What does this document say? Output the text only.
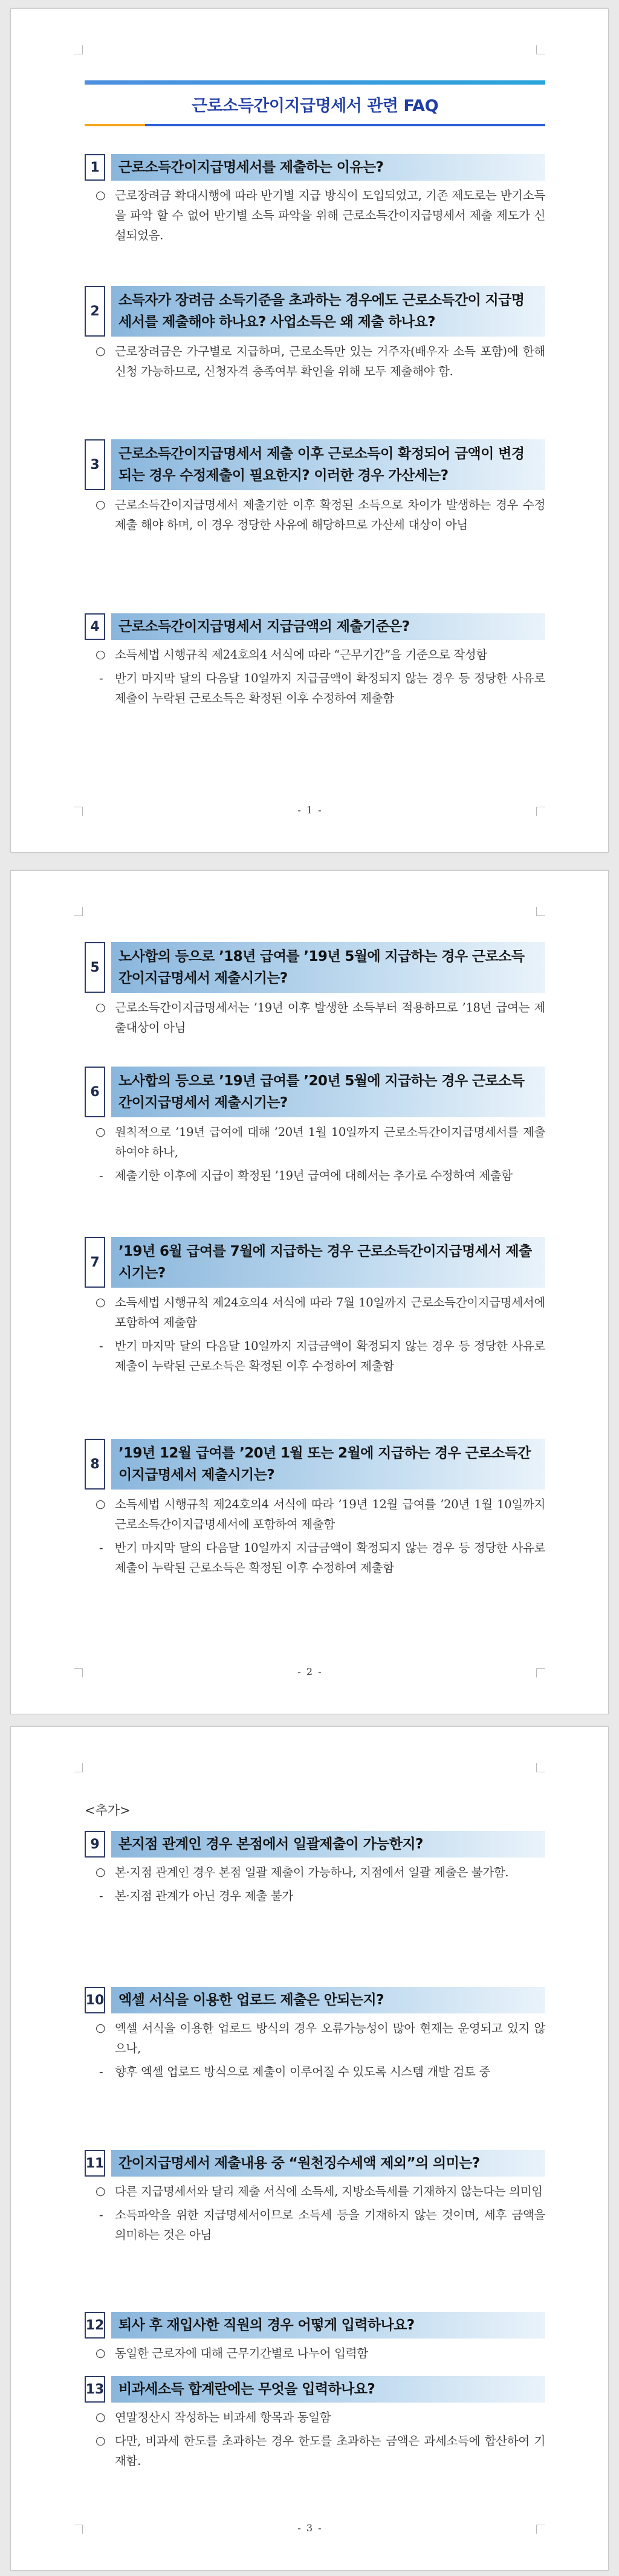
근로소득간이지급명세서 관련 FAQ
1	근로소득간이지급명세서를 제출하는 이유는?
○ 근로장려금 확대시행에 따라 반기별 지급 방식이 도입되었고, 기존 제도로는 반기소득을 파악 할 수 없어 반기별 소득 파악을 위해 근로소득간이지급명세서 제출 제도가 신설되었음.
2
소득자가 장려금 소득기준을 초과하는 경우에도 근로소득간이 지급명세서를 제출해야 하나요? 사업소득은 왜 제출 하나요?
○ 근로장려금은 가구별로 지급하며, 근로소득만 있는 거주자(배우자 소득 포함)에 한해 신청 가능하므로, 신청자격 충족여부 확인을 위해 모두 제출해야 함.
3
근로소득간이지급명세서 제출 이후 근로소득이 확정되어 금액이 변경되는 경우 수정제출이 필요한지? 이러한 경우 가산세는?
○ 근로소득간이지급명세서 제출기한 이후 확정된 소득으로 차이가 발생하는 경우 수정제출 해야 하며, 이 경우 정당한 사유에 해당하므로 가산세 대상이 아님
4	근로소득간이지급명세서 지급금액의 제출기준은?
○ 소득세법 시행규칙 제24호의4 서식에 따라 “근무기간”을 기준으로 작성함
-	반기 마지막 달의 다음달 10일까지 지급금액이 확정되지 않는 경우 등 정당한 사유로 제출이 누락된 근로소득은 확정된 이후 수정하여 제출함
- 1 -
5
노사합의 등으로 ’18년 급여를 ’19년 5월에 지급하는 경우 근로소득간이지급명세서 제출시기는?
○ 근로소득간이지급명세서는 ’19년 이후 발생한 소득부터 적용하므로 ’18년 급여는 제출대상이 아님
6
노사합의 등으로 ’19년 급여를 ’20년 5월에 지급하는 경우 근로소득간이지급명세서 제출시기는?
○ 원칙적으로 ’19년 급여에 대해 ’20년 1월 10일까지 근로소득간이지급명세서를 제출하여야 하나,
-	제출기한 이후에 지급이 확정된 ’19년 급여에 대해서는 추가로 수정하여 제출함
7
’19년 6월 급여를 7월에 지급하는 경우 근로소득간이지급명세서 제출시기는?
○ 소득세법 시행규칙 제24호의4 서식에 따라 7월 10일까지 근로소득간이지급명세서에 포함하여 제출함
-	반기 마지막 달의 다음달 10일까지 지급금액이 확정되지 않는 경우 등 정당한 사유로 제출이 누락된 근로소득은 확정된 이후 수정하여 제출함
8
’19년 12월 급여를 ’20년 1월 또는 2월에 지급하는 경우 근로소득간이지급명세서 제출시기는?
○ 소득세법 시행규칙 제24호의4 서식에 따라 ’19년 12월 급여를 ’20년 1월 10일까지 근로소득간이지급명세서에 포함하여 제출함
-	반기 마지막 달의 다음달 10일까지 지급금액이 확정되지 않는 경우 등 정당한 사유로 제출이 누락된 근로소득은 확정된 이후 수정하여 제출함
- 2 -
<추가>
9	본지점 관계인 경우 본점에서 일괄제출이 가능한지?
○ 본·지점 관계인 경우 본점 일괄 제출이 가능하나, 지점에서 일괄 제출은 불가함.
-	본·지점 관계가 아닌 경우 제출 불가
10	엑셀 서식을 이용한 업로드 제출은 안되는지?
○ 엑셀 서식을 이용한 업로드 방식의 경우 오류가능성이 많아 현재는 운영되고 있지 않으나,
-	향후 엑셀 업로드 방식으로 제출이 이루어질 수 있도록 시스템 개발 검토 중
11	간이지급명세서 제출내용 중 “원천징수세액 제외”의 의미는?
○ 다른 지급명세서와 달리 제출 서식에 소득세, 지방소득세를 기재하지 않는다는 의미임
-	소득파악을 위한 지급명세서이므로 소득세 등을 기재하지 않는 것이며, 세후 금액을 의미하는 것은 아님
12	퇴사 후 재입사한 직원의 경우 어떻게 입력하나요?
○ 동일한 근로자에 대해 근무기간별로 나누어 입력함
13	비과세소득 합계란에는 무엇을 입력하나요?
○ 연말정산시 작성하는 비과세 항목과 동일함
○ 다만, 비과세 한도를 초과하는 경우 한도를 초과하는 금액은 과세소득에 합산하여 기재함.
- 3 -
